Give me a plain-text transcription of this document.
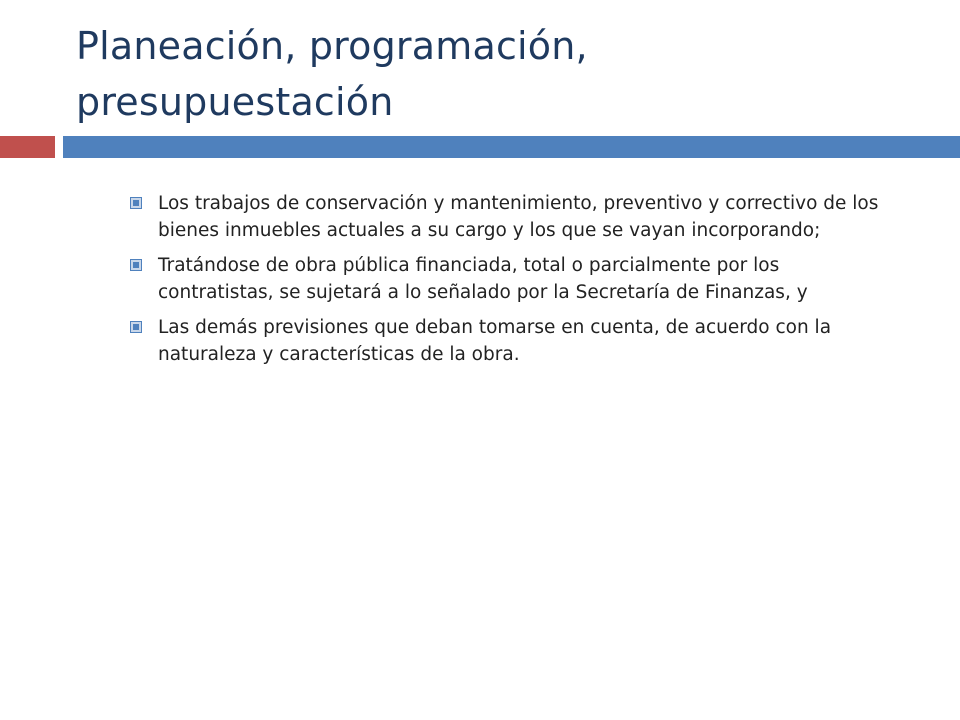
Planeación, programación, presupuestación
Los trabajos de conservación y mantenimiento, preventivo y correctivo de los bienes inmuebles actuales a su cargo y los que se vayan incorporando;
Tratándose de obra pública financiada, total o parcialmente por los contratistas, se sujetará a lo señalado por la Secretaría de Finanzas, y
Las demás previsiones que deban tomarse en cuenta, de acuerdo con la naturaleza y características de la obra.
